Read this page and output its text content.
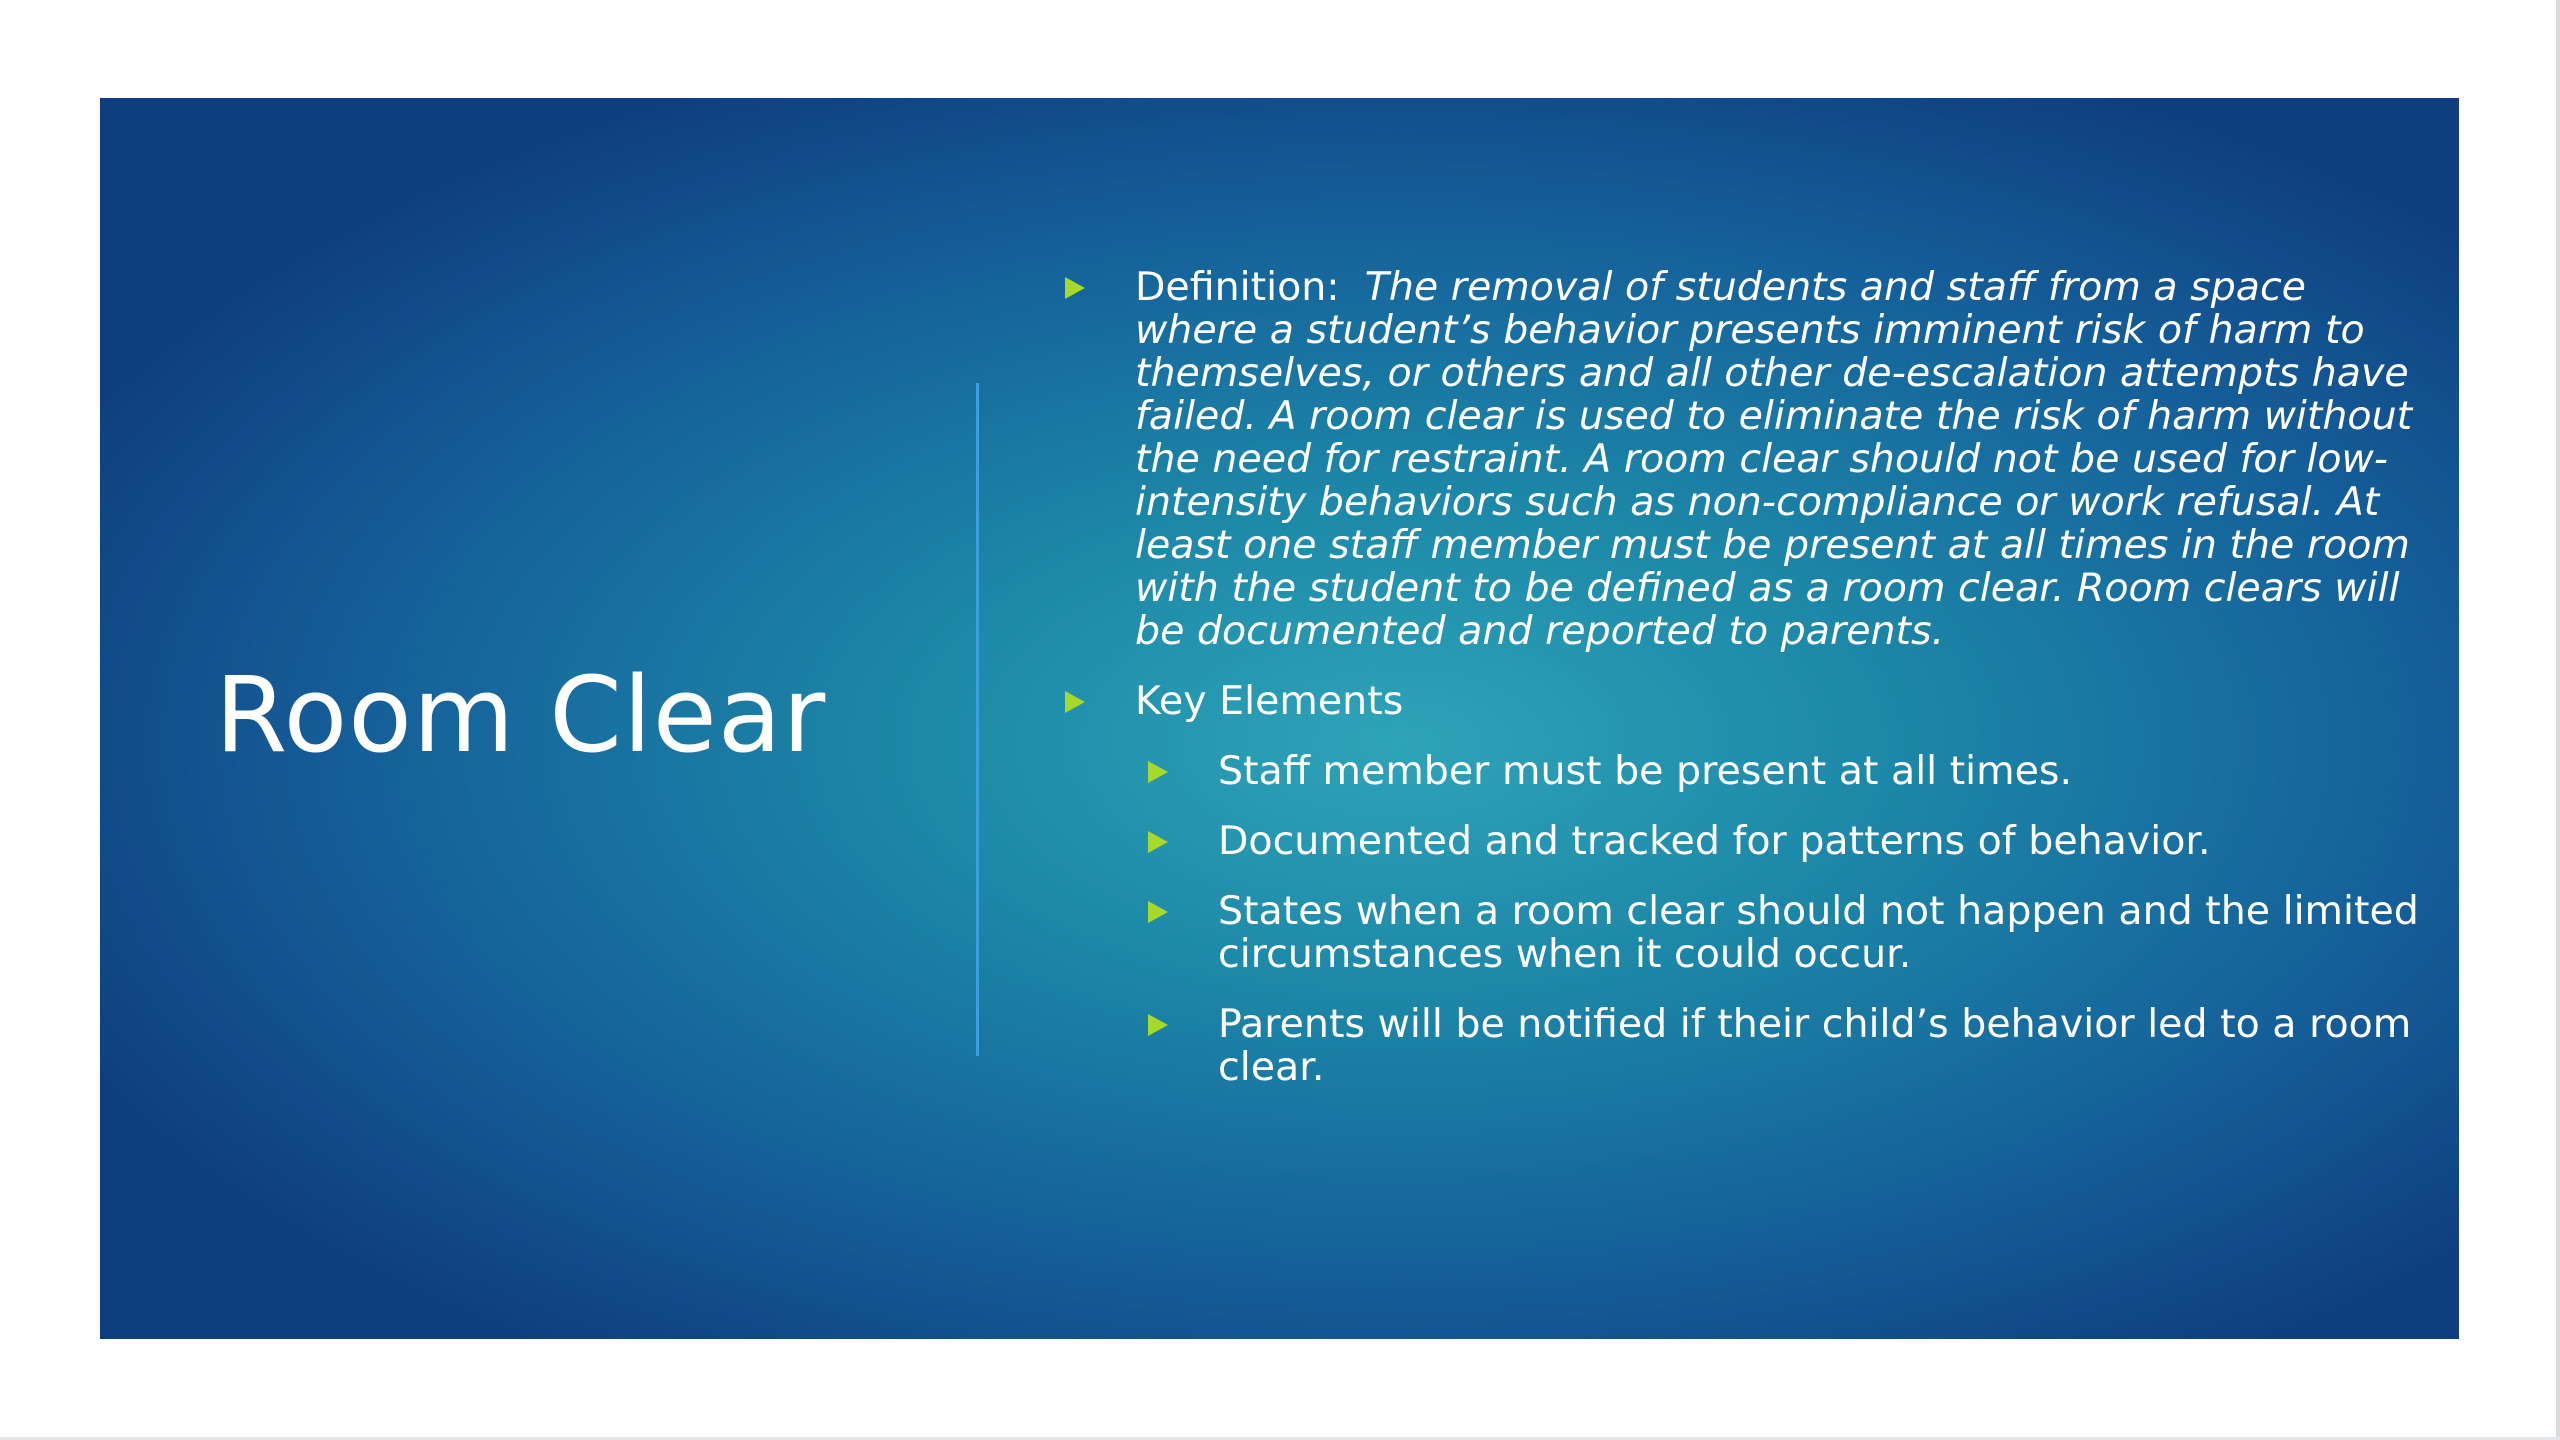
Room Clear
Definition: The removal of students and staff from a space where a student’s behavior presents imminent risk of harm to themselves, or others and all other de-escalation attempts have failed. A room clear is used to eliminate the risk of harm without the need for restraint. A room clear should not be used for low-intensity behaviors such as non-compliance or work refusal. At least one staff member must be present at all times in the room with the student to be defined as a room clear. Room clears will be documented and reported to parents.
Key Elements
Staff member must be present at all times.
Documented and tracked for patterns of behavior.
States when a room clear should not happen and the limited circumstances when it could occur.
Parents will be notified if their child’s behavior led to a room clear.
